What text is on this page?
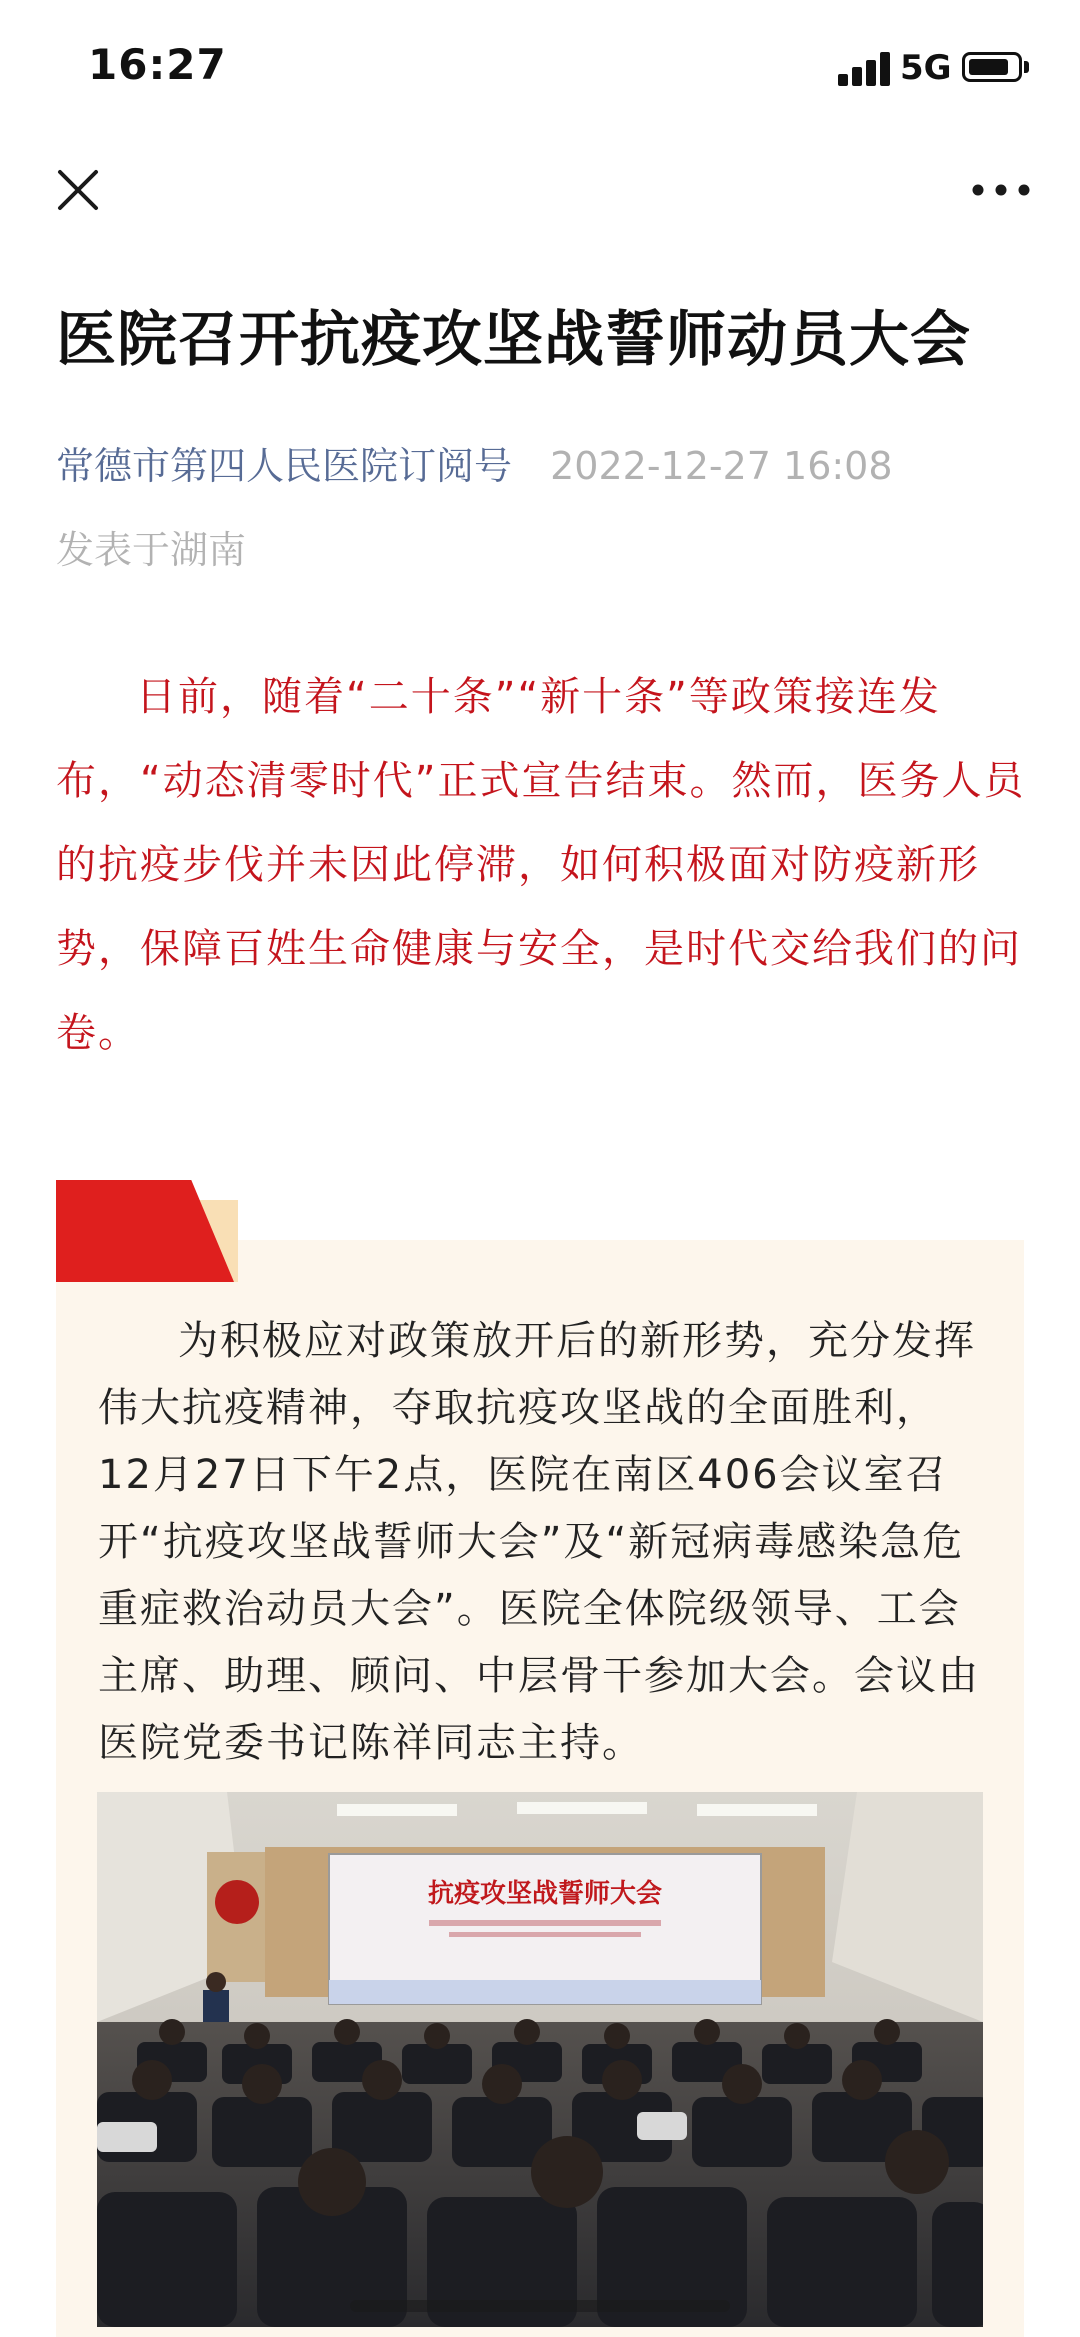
16:27	5G
医院召开抗疫攻坚战誓师动员大会
常德市第四人民医院订阅号 2022-12-27 16:08
发表于湖南

日前，随着“二十条”“新十条”等政策接连发布，“动态清零时代”正式宣告结束。然而，医务人员的抗疫步伐并未因此停滞，如何积极面对防疫新形势，保障百姓生命健康与安全，是时代交给我们的问卷。

为积极应对政策放开后的新形势，充分发挥伟大抗疫精神，夺取抗疫攻坚战的全面胜利，12月27日下午2点，医院在南区406会议室召开“抗疫攻坚战誓师大会”及“新冠病毒感染急危重症救治动员大会”。医院全体院级领导、工会主席、助理、顾问、中层骨干参加大会。会议由医院党委书记陈祥同志主持。

抗疫攻坚战誓师大会
